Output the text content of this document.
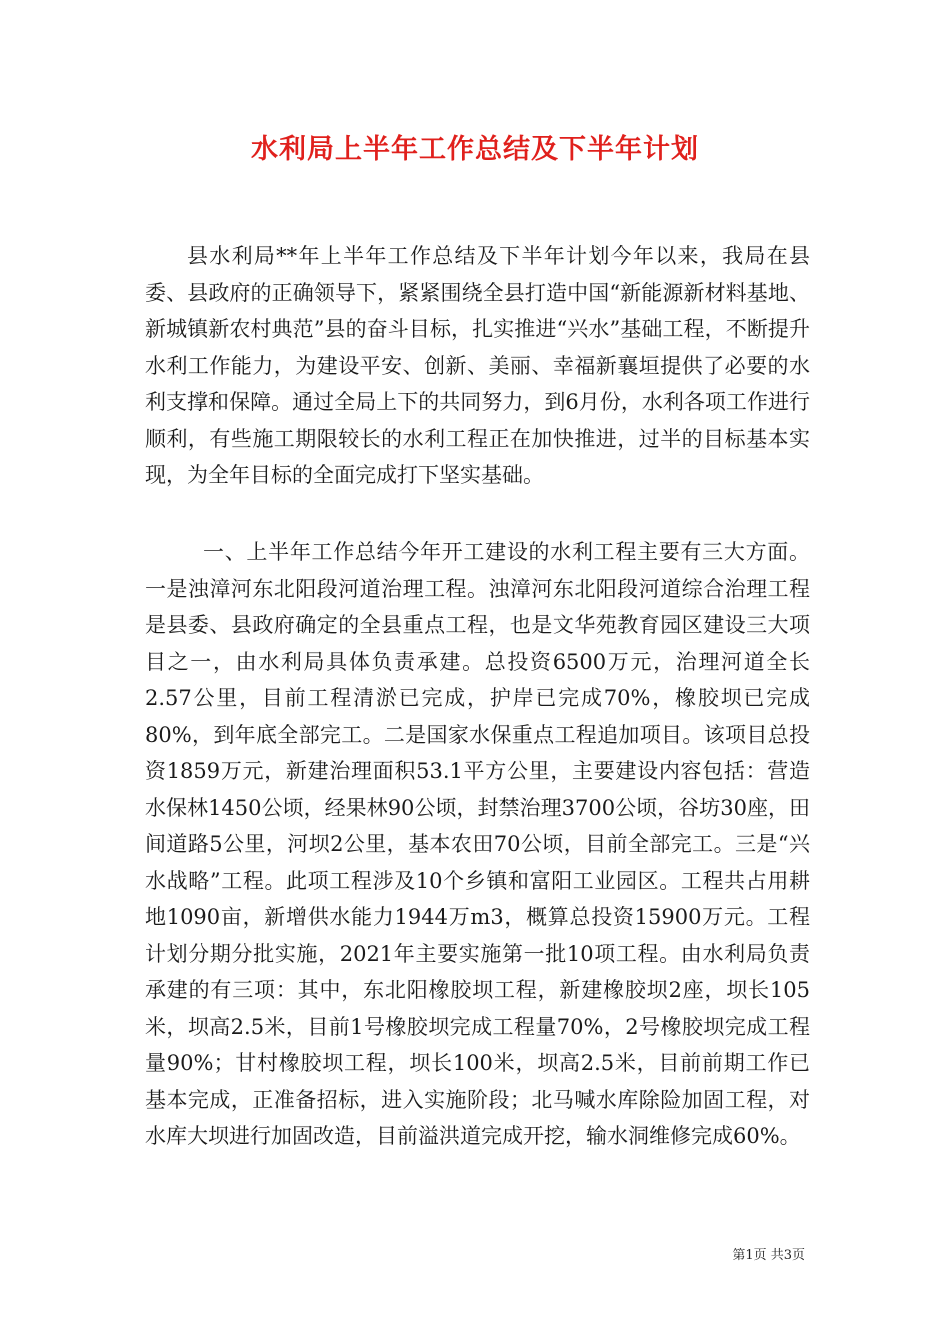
水利局上半年工作总结及下半年计划

县水利局**年上半年工作总结及下半年计划今年以来，我局在县委、县政府的正确领导下，紧紧围绕全县打造中国“新能源新材料基地、新城镇新农村典范”县的奋斗目标，扎实推进“兴水”基础工程，不断提升水利工作能力，为建设平安、创新、美丽、幸福新襄垣提供了必要的水利支撑和保障。通过全局上下的共同努力，到6月份，水利各项工作进行顺利，有些施工期限较长的水利工程正在加快推进，过半的目标基本实现，为全年目标的全面完成打下坚实基础。

一、上半年工作总结今年开工建设的水利工程主要有三大方面。一是浊漳河东北阳段河道治理工程。浊漳河东北阳段河道综合治理工程是县委、县政府确定的全县重点工程，也是文华苑教育园区建设三大项目之一，由水利局具体负责承建。总投资6500万元，治理河道全长2.57公里，目前工程清淤已完成，护岸已完成70%，橡胶坝已完成80%，到年底全部完工。二是国家水保重点工程追加项目。该项目总投资1859万元，新建治理面积53.1平方公里，主要建设内容包括：营造水保林1450公顷，经果林90公顷，封禁治理3700公顷，谷坊30座，田间道路5公里，河坝2公里，基本农田70公顷，目前全部完工。三是“兴水战略”工程。此项工程涉及10个乡镇和富阳工业园区。工程共占用耕地1090亩，新增供水能力1944万m3，概算总投资15900万元。工程计划分期分批实施，2021年主要实施第一批10项工程。由水利局负责承建的有三项：其中，东北阳橡胶坝工程，新建橡胶坝2座，坝长105米，坝高2.5米，目前1号橡胶坝完成工程量70%，2号橡胶坝完成工程量90%；甘村橡胶坝工程，坝长100米，坝高2.5米，目前前期工作已基本完成，正准备招标，进入实施阶段；北马喊水库除险加固工程，对水库大坝进行加固改造，目前溢洪道完成开挖，输水洞维修完成60%。

第1页 共3页
